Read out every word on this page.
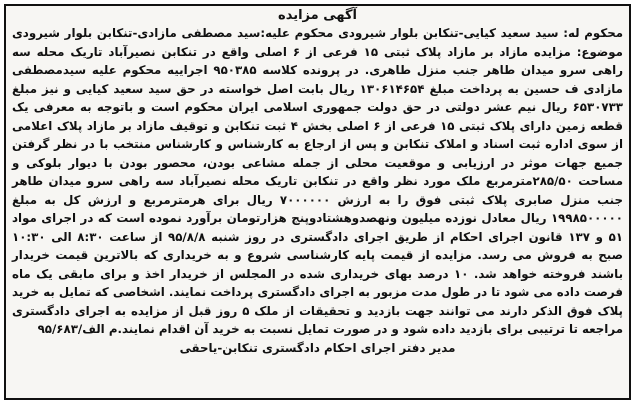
آگهی مزایده
محکوم له: سید سعید کیایی-تنکابن بلوار شیرودی محکوم علیه:سید مصطفی مازادی-تنکابن بلوار شیرودی موضوع: مزایده مازاد بر مازاد پلاک ثبتی ۱۵ فرعی از ۶ اصلی واقع در تنکابن نصیرآباد تاریک محله سه راهی سرو میدان طاهر جنب منزل طاهری. در پرونده کلاسه ۹۵۰۳۸۵ اجراییه محکوم علیه سیدمصطفی مازادی ف حسین به پرداخت مبلغ ۱۳۰۶۱۴۶۵۴ ریال بابت اصل خواسته در حق سید سعید کیایی و نیز مبلغ ۶۵۳۰۷۳۳ ریال نیم عشر دولتی در حق دولت جمهوری اسلامی ایران محکوم است و باتوجه به معرفی یک قطعه زمین دارای پلاک ثبتی ۱۵ فرعی از ۶ اصلی بخش ۴ ثبت تنکابن و توقیف مازاد بر مازاد پلاک اعلامی از سوی اداره ثبت اسناد و املاک تنکابن و پس از ارجاع به کارشناس و کارشناس منتخب با در نظر گرفتن جمیع جهات موثر در ارزیابی و موقعیت محلی از جمله مشاعی بودن، محصور بودن با دیوار بلوکی و مساحت ۲۸۵/۵۰مترمربع ملک مورد نظر واقع در تنکابن تاریک محله نصیرآباد سه راهی سرو میدان طاهر جنب منزل صابری پلاک ثبتی فوق را به ارزش ۷۰۰۰۰۰۰ ریال برای هرمترمربع و ارزش کل به مبلغ ۱۹۹۸۵۰۰۰۰۰ ریال معادل نوزده میلیون ونهصدوهشتادوپنج هزارتومان برآورد نموده است که در اجرای مواد ۵۱ و ۱۳۷ قانون اجرای احکام از طریق اجرای دادگستری در روز شنبه ۹۵/۸/۸ از ساعت ۸:۳۰ الی ۱۰:۳۰ صبح به فروش می رسد. مزایده از قیمت پایه کارشناسی شروع و به خریداری که بالاترین قیمت خریدار باشند فروخته خواهد شد. ۱۰ درصد بهای خریداری شده در المجلس از خریدار اخذ و برای مابقی یک ماه فرصت داده می شود تا در طول مدت مزبور به اجرای دادگستری پرداخت نمایند. اشخاصی که تمایل به خرید پلاک فوق الذکر دارند می توانند جهت بازدید و تحقیقات از ملک ۵ روز قبل از مزایده به اجرای دادگستری مراجعه تا ترتیبی برای بازدید داده شود و در صورت تمایل نسبت به خرید آن اقدام نمایند.م الف/۹۵/۶۸۳
مدیر دفتر اجرای احکام دادگستری تنکابن-یاحقی
